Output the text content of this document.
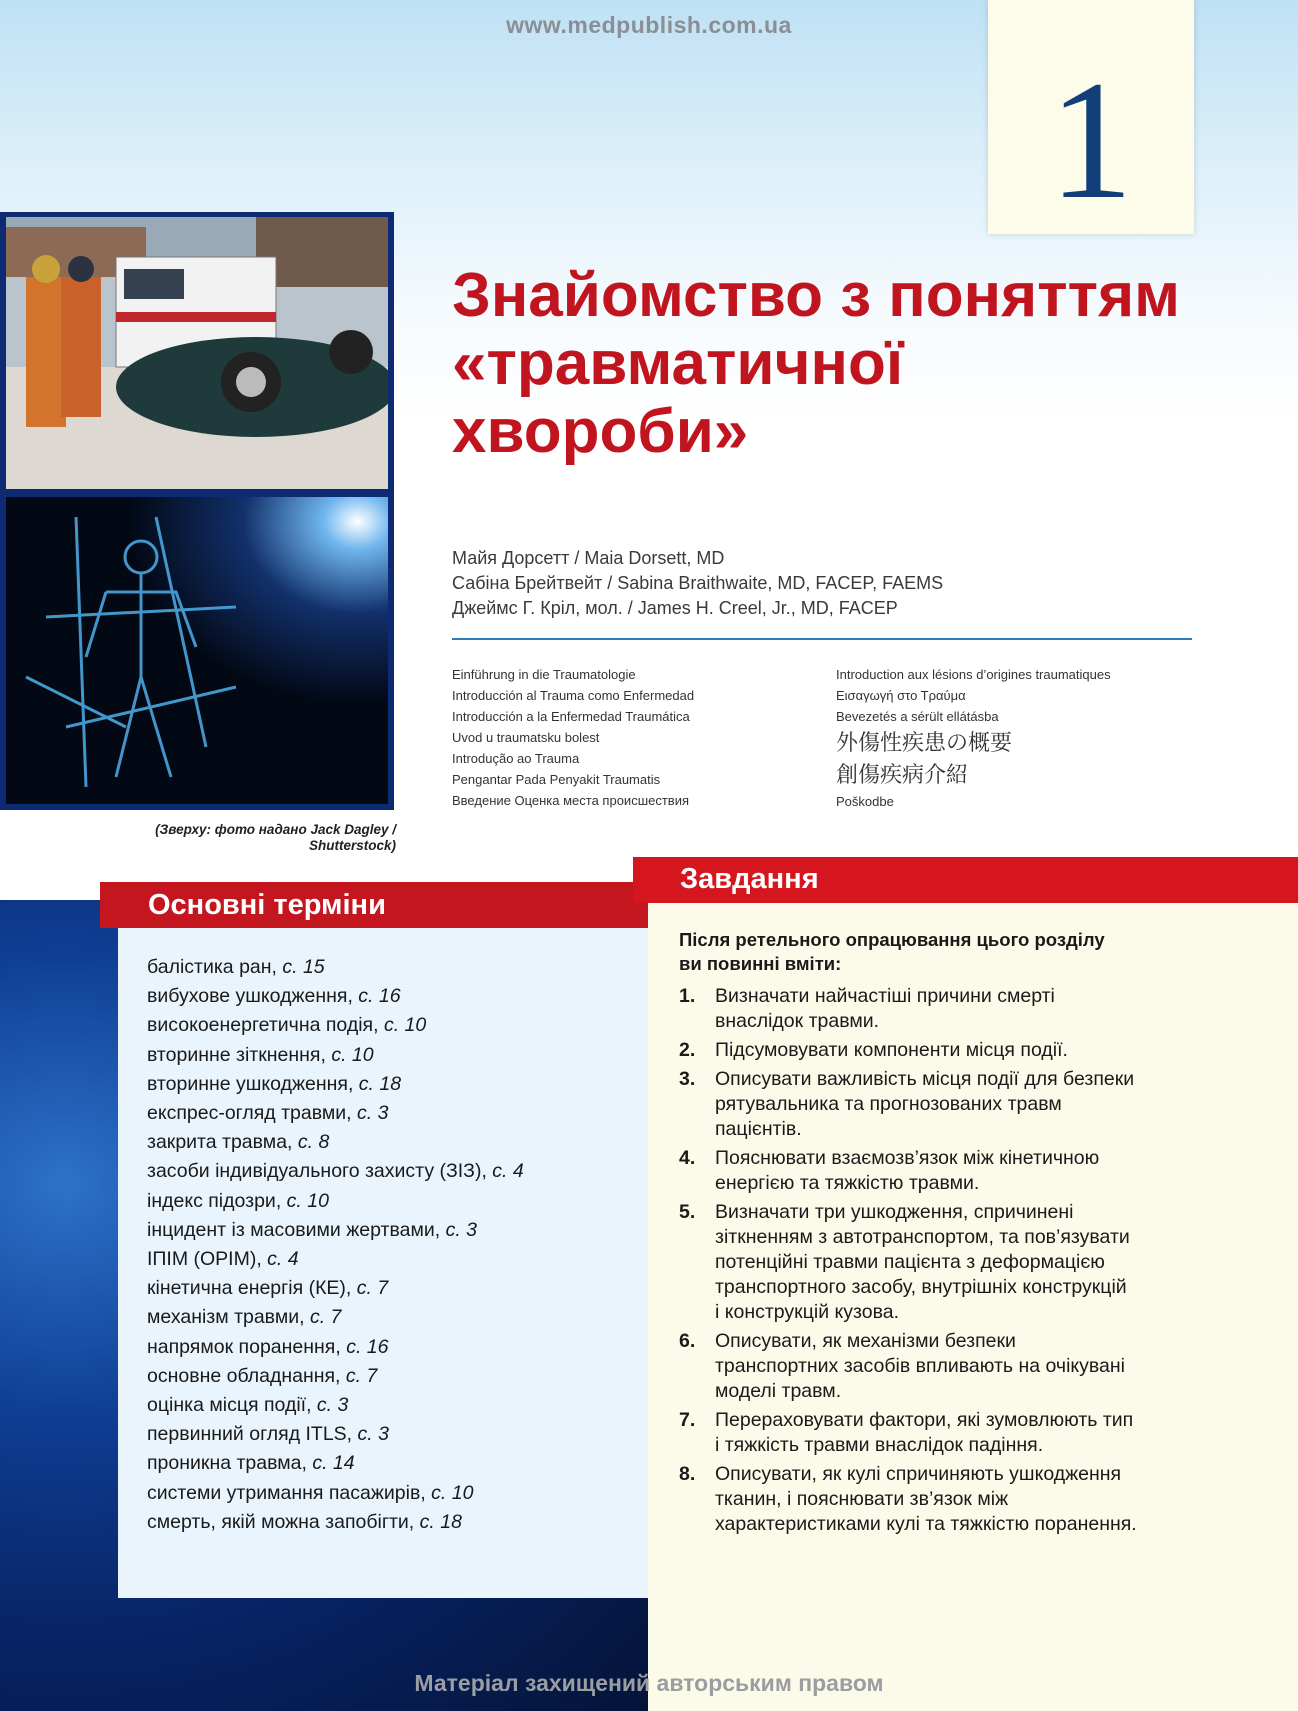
www.medpublish.com.ua
1
(Зверху: фото надано Jack Dagley /
Shutterstock)
Знайомство з поняттям
«травматичної
хвороби»
Майя Дорсетт / Maia Dorsett, MD
Сабіна Брейтвейт / Sabina Braithwaite, MD, FACEP, FAEMS
Джеймс Г. Кріл, мол. / James H. Creel, Jr., MD, FACEP
Einführung in die Traumatologie
Introducción al Trauma como Enfermedad
Introducción a la Enfermedad Traumática
Uvod u traumatsku bolest
Introdução ao Trauma
Pengantar Pada Penyakit Traumatis
Введение Оценка места происшествия
Introduction aux lésions d’origines traumatiques
Εισαγωγή στο Τραύμα
Bevezetés a sérült ellátásba
外傷性疾患の概要
創傷疾病介紹
Poškodbe
Основні терміни
балістика ран, с. 15
вибухове ушкодження, с. 16
високоенергетична подія, с. 10
вторинне зіткнення, с. 10
вторинне ушкодження, с. 18
експрес-огляд травми, с. 3
закрита травма, с. 8
засоби індивідуального захисту (ЗІЗ), с. 4
індекс підозри, с. 10
інцидент із масовими жертвами, с. 3
ІПІМ (OPIM), с. 4
кінетична енергія (КЕ), с. 7
механізм травми, с. 7
напрямок поранення, с. 16
основне обладнання, с. 7
оцінка місця події, с. 3
первинний огляд ITLS, с. 3
проникна травма, с. 14
системи утримання пасажирів, с. 10
смерть, якій можна запобігти, с. 18
Завдання
Після ретельного опрацювання цього розділу
ви повинні вміти:
1. Визначати найчастіші причини смерті
внаслідок травми.
2. Підсумовувати компоненти місця події.
3. Описувати важливість місця події для безпеки
рятувальника та прогнозованих травм
пацієнтів.
4. Пояснювати взаємозв’язок між кінетичною
енергією та тяжкістю травми.
5. Визначати три ушкодження, спричинені
зіткненням з автотранспортом, та пов’язувати
потенційні травми пацієнта з деформацією
транспортного засобу, внутрішніх конструкцій
і конструкцій кузова.
6. Описувати, як механізми безпеки
транспортних засобів впливають на очікувані
моделі травм.
7. Перераховувати фактори, які зумовлюють тип
і тяжкість травми внаслідок падіння.
8. Описувати, як кулі спричиняють ушкодження
тканин, і пояснювати зв’язок між
характеристиками кулі та тяжкістю поранення.
Матеріал захищений авторським правом
